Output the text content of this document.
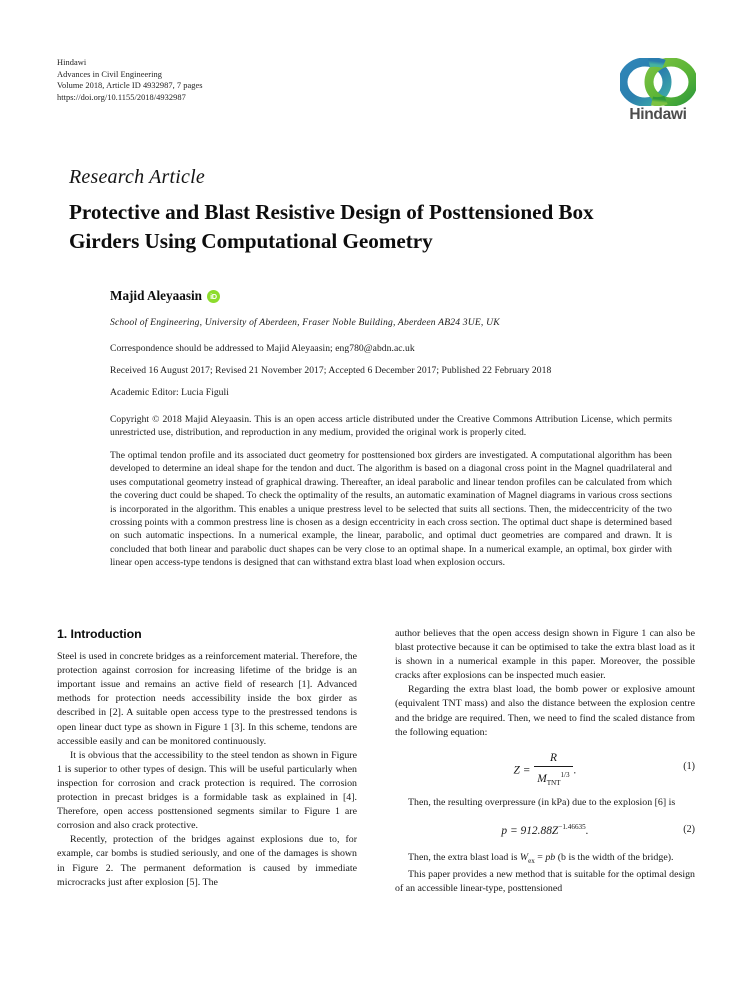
Hindawi
Advances in Civil Engineering
Volume 2018, Article ID 4932987, 7 pages
https://doi.org/10.1155/2018/4932987
Hindawi
Research Article
Protective and Blast Resistive Design of Posttensioned Box Girders Using Computational Geometry
Majid Aleyaasin
iD
School of Engineering, University of Aberdeen, Fraser Noble Building, Aberdeen AB24 3UE, UK
Correspondence should be addressed to Majid Aleyaasin; eng780@abdn.ac.uk
Received 16 August 2017; Revised 21 November 2017; Accepted 6 December 2017; Published 22 February 2018
Academic Editor: Lucia Figuli
Copyright © 2018 Majid Aleyaasin. This is an open access article distributed under the Creative Commons Attribution License, which permits unrestricted use, distribution, and reproduction in any medium, provided the original work is properly cited.
The optimal tendon profile and its associated duct geometry for posttensioned box girders are investigated. A computational algorithm has been developed to determine an ideal shape for the tendon and duct. The algorithm is based on a diagonal cross point in the Magnel quadrilateral and uses computational geometry instead of graphical drawing. Thereafter, an ideal parabolic and linear tendon profiles can be calculated from which the covering duct could be shaped. To check the optimality of the results, an automatic examination of Magnel diagrams in various cross sections is incorporated in the algorithm. This enables a unique prestress level to be selected that suits all sections. Then, the mideccentricity of the two crossing points with a common prestress line is chosen as a design eccentricity in each cross section. The optimal duct shape is determined based on such automatic inspections. In a numerical example, the linear, parabolic, and optimal duct geometries are compared and drawn. It is concluded that both linear and parabolic duct shapes can be very close to an optimal shape. In a numerical example, an optimal, box girder with linear open access-type tendons is designed that can withstand extra blast load when explosion occurs.
1. Introduction

Steel is used in concrete bridges as a reinforcement material. Therefore, the protection against corrosion for increasing lifetime of the bridge is an important issue and remains an active field of research [1]. Advanced methods for protection needs accessibility inside the box girder as described in [2]. A suitable open access type to the prestressed tendons is open linear duct type as shown in Figure 1 [3]. In this scheme, tendons are accessible easily and can be monitored continuously.

It is obvious that the accessibility to the steel tendon as shown in Figure 1 is superior to other types of design. This will be useful particularly when inspection for corrosion and crack protection is required. The corrosion protection in precast bridges is a formidable task as explained in [4]. Therefore, open access posttensioned segments similar to Figure 1 are corrosion and also crack protective.

Recently, protection of the bridges against explosions due to, for example, car bombs is studied seriously, and one of the damages is shown in Figure 2. The permanent deformation is caused by immediate microcracks just after explosion [5]. The

author believes that the open access design shown in Figure 1 can also be blast protective because it can be optimised to take the extra blast load as it is shown in a numerical example in this paper. Moreover, the possible cracks after explosions can be inspected much easier.

Regarding the extra blast load, the bomb power or explosive amount (equivalent TNT mass) and also the distance between the explosion centre and the bridge are required. Then, we need to find the scaled distance from the following equation:

$Z = \frac{R}{M_{TNT}^{1/3}}$ .	(1)

Then, the resulting overpressure (in kPa) due to the explosion [6] is

$p = 912.88Z^{-1.46635}$.	(2)

Then, the extra blast load is $W_{ex}$ = pb (b is the width of the bridge).

This paper provides a new method that is suitable for the optimal design of an accessible linear-type, posttensioned
